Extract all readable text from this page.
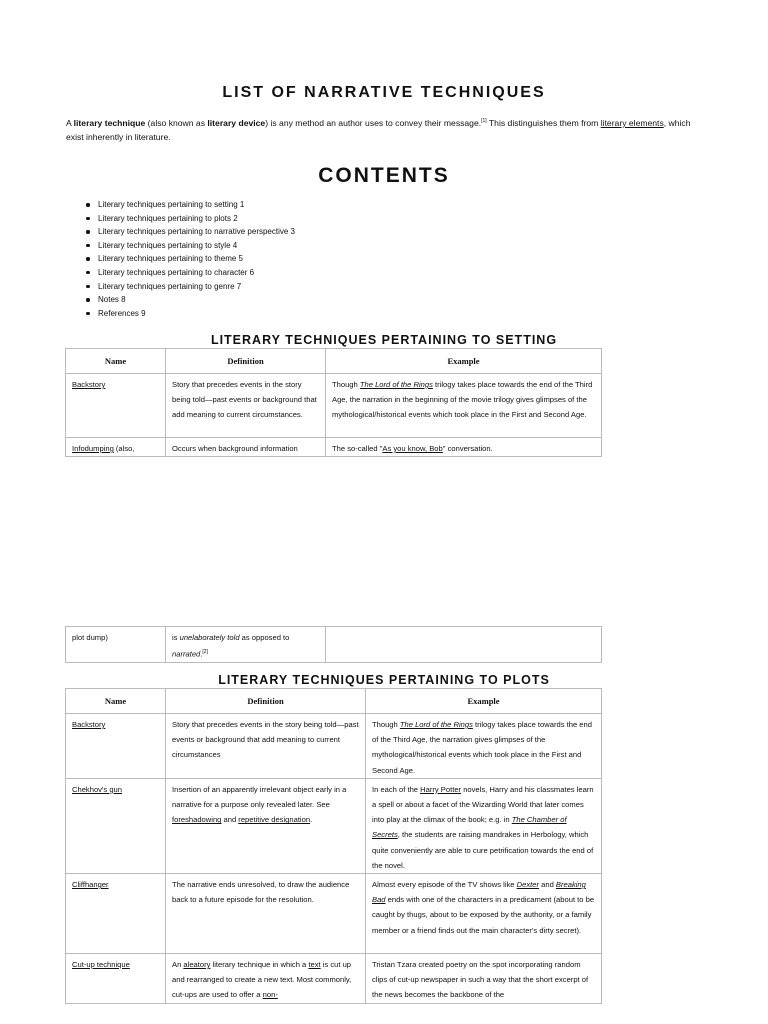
LIST OF NARRATIVE TECHNIQUES
A literary technique (also known as literary device) is any method an author uses to convey their message.[1] This distinguishes them from literary elements, which exist inherently in literature.
CONTENTS
Literary techniques pertaining to setting 1
Literary techniques pertaining to plots 2
Literary techniques pertaining to narrative perspective 3
Literary techniques pertaining to style 4
Literary techniques pertaining to theme 5
Literary techniques pertaining to character 6
Literary techniques pertaining to genre 7
Notes 8
References 9
LITERARY TECHNIQUES PERTAINING TO SETTING
Name	Definition	Example
Backstory	Story that precedes events in the story being told—past events or background that add meaning to current circumstances.	Though The Lord of the Rings trilogy takes place towards the end of the Third Age, the narration in the beginning of the movie trilogy gives glimpses of the mythological/historical events which took place in the First and Second Age.
Infodumping (also,	Occurs when background information	The so-called "As you know, Bob" conversation.
plot dump)	is unelaborately told as opposed to narrated.[2]	
LITERARY TECHNIQUES PERTAINING TO PLOTS
Name	Definition	Example
Backstory	Story that precedes events in the story being told—past events or background that add meaning to current circumstances	Though The Lord of the Rings trilogy takes place towards the end of the Third Age, the narration gives glimpses of the mythological/historical events which took place in the First and Second Age.
Chekhov's gun	Insertion of an apparently irrelevant object early in a narrative for a purpose only revealed later. See foreshadowing and repetitive designation.	In each of the Harry Potter novels, Harry and his classmates learn a spell or about a facet of the Wizarding World that later comes into play at the climax of the book; e.g. in The Chamber of Secrets, the students are raising mandrakes in Herbology, which quite conveniently are able to cure petrification towards the end of the novel.
Cliffhanger	The narrative ends unresolved, to draw the audience back to a future episode for the resolution.	Almost every episode of the TV shows like Dexter and Breaking Bad ends with one of the characters in a predicament (about to be caught by thugs, about to be exposed by the authority, or a family member or a friend finds out the main character's dirty secret).
Cut-up technique	An aleatory literary technique in which a text is cut up and rearranged to create a new text. Most commonly, cut-ups are used to offer a non-	Tristan Tzara created poetry on the spot incorporating random clips of cut-up newspaper in such a way that the short excerpt of the news becomes the backbone of the
